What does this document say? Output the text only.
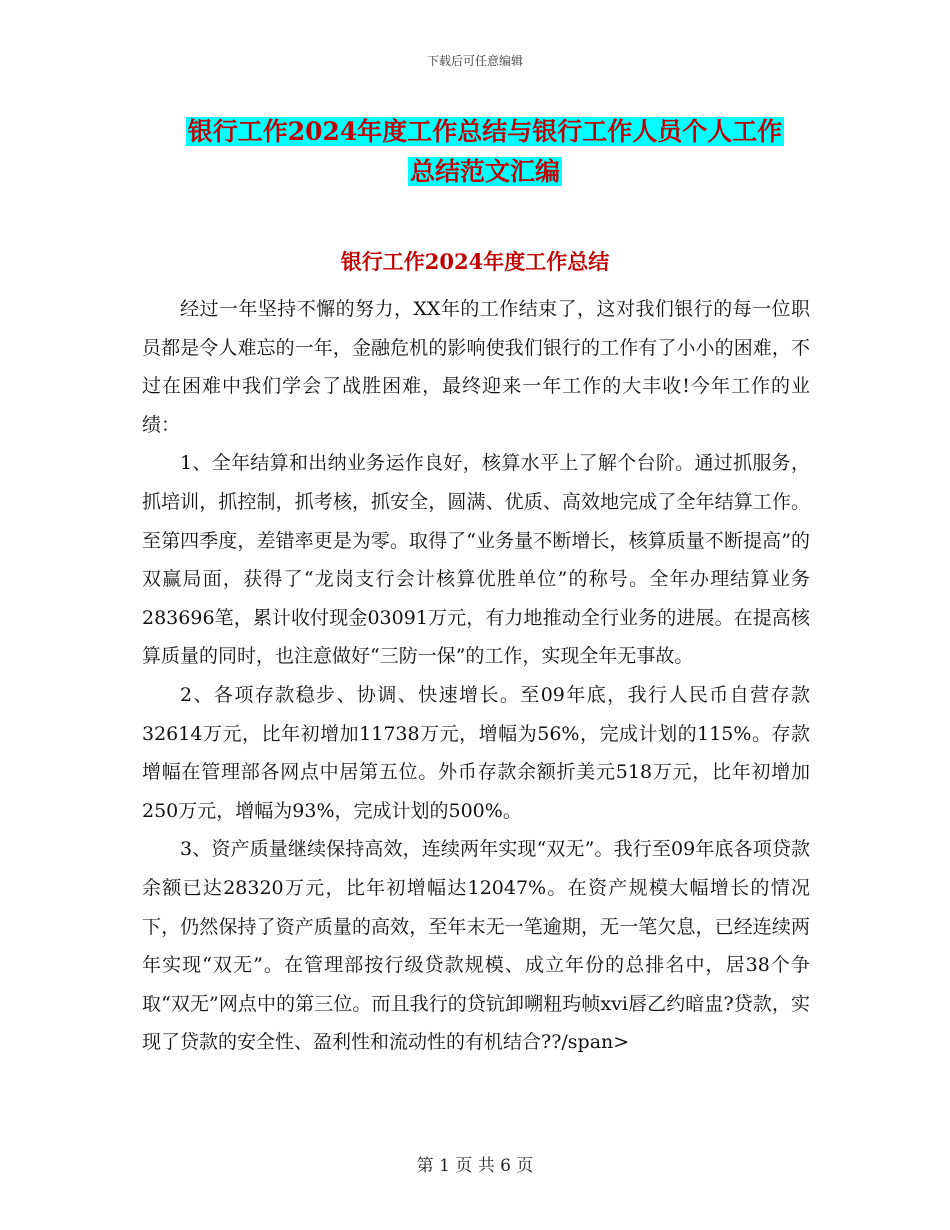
下载后可任意编辑
银行工作2024年度工作总结与银行工作人员个人工作
总结范文汇编
银行工作2024年度工作总结

经过一年坚持不懈的努力，XX年的工作结束了，这对我们银行的每一位职员都是令人难忘的一年，金融危机的影响使我们银行的工作有了小小的困难，不过在困难中我们学会了战胜困难，最终迎来一年工作的大丰收!今年工作的业绩：

1、全年结算和出纳业务运作良好，核算水平上了解个台阶。通过抓服务，抓培训，抓控制，抓考核，抓安全，圆满、优质、高效地完成了全年结算工作。至第四季度，差错率更是为零。取得了“业务量不断增长，核算质量不断提高”的双赢局面，获得了“龙岗支行会计核算优胜单位”的称号。全年办理结算业务283696笔，累计收付现金03091万元，有力地推动全行业务的进展。在提高核算质量的同时，也注意做好“三防一保”的工作，实现全年无事故。

2、各项存款稳步、协调、快速增长。至09年底，我行人民币自营存款32614万元，比年初增加11738万元，增幅为56%，完成计划的115%。存款增幅在管理部各网点中居第五位。外币存款余额折美元518万元，比年初增加250万元，增幅为93%，完成计划的500%。

3、资产质量继续保持高效，连续两年实现“双无”。我行至09年底各项贷款余额已达28320万元，比年初增幅达12047%。在资产规模大幅增长的情况下，仍然保持了资产质量的高效，至年末无一笔逾期，无一笔欠息，已经连续两年实现“双无”。在管理部按行级贷款规模、成立年份的总排名中，居38个争取“双无”网点中的第三位。而且我行的贷钪卸嗍粈玙帧xvi唇乙约暗盅?贷款，实现了贷款的安全性、盈利性和流动性的有机结合??/span>

第 1 页 共 6 页
